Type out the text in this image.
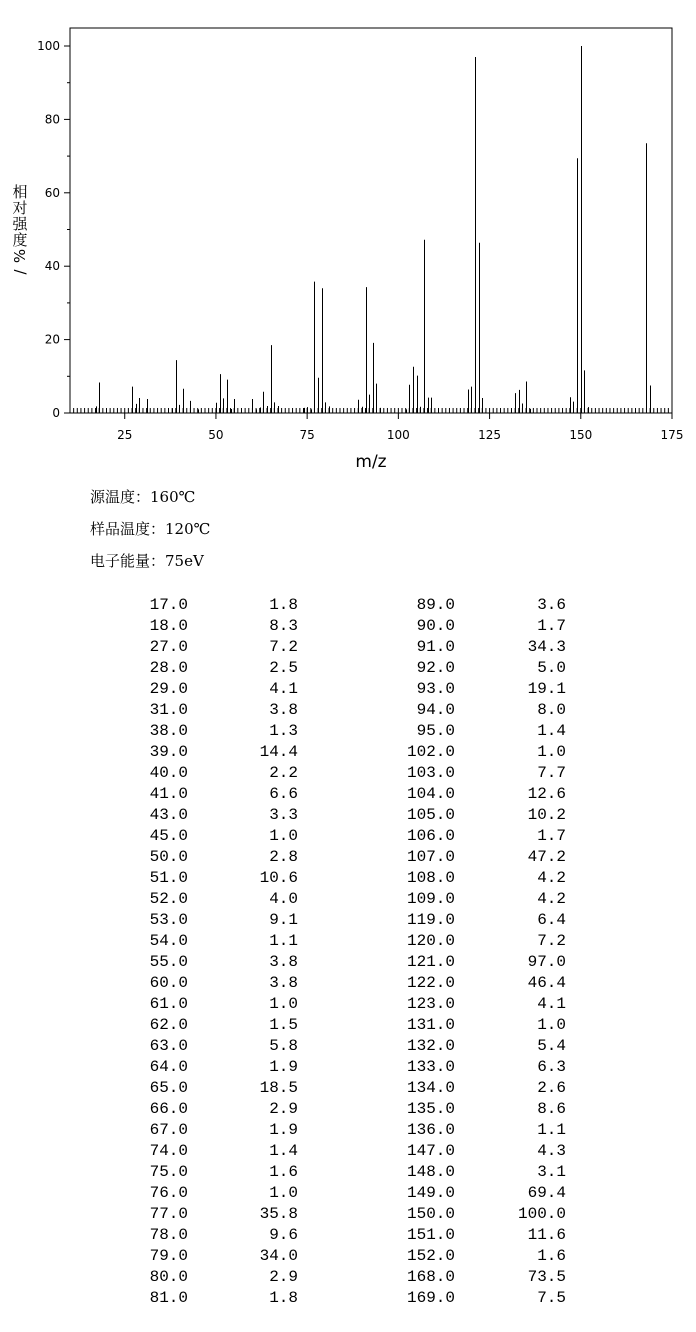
25	50	75	100	125	150	175
0
20
40
60
80
100
m/z
相
对
强
度
%
/
源温度：160℃
样品温度：120℃
电子能量：75eV
17.0	1.8	89.0	3.6
18.0	8.3	90.0	1.7
27.0	7.2	91.0	34.3
28.0	2.5	92.0	5.0
29.0	4.1	93.0	19.1
31.0	3.8	94.0	8.0
38.0	1.3	95.0	1.4
39.0	14.4	102.0	1.0
40.0	2.2	103.0	7.7
41.0	6.6	104.0	12.6
43.0	3.3	105.0	10.2
45.0	1.0	106.0	1.7
50.0	2.8	107.0	47.2
51.0	10.6	108.0	4.2
52.0	4.0	109.0	4.2
53.0	9.1	119.0	6.4
54.0	1.1	120.0	7.2
55.0	3.8	121.0	97.0
60.0	3.8	122.0	46.4
61.0	1.0	123.0	4.1
62.0	1.5	131.0	1.0
63.0	5.8	132.0	5.4
64.0	1.9	133.0	6.3
65.0	18.5	134.0	2.6
66.0	2.9	135.0	8.6
67.0	1.9	136.0	1.1
74.0	1.4	147.0	4.3
75.0	1.6	148.0	3.1
76.0	1.0	149.0	69.4
77.0	35.8	150.0	100.0
78.0	9.6	151.0	11.6
79.0	34.0	152.0	1.6
80.0	2.9	168.0	73.5
81.0	1.8	169.0	7.5
